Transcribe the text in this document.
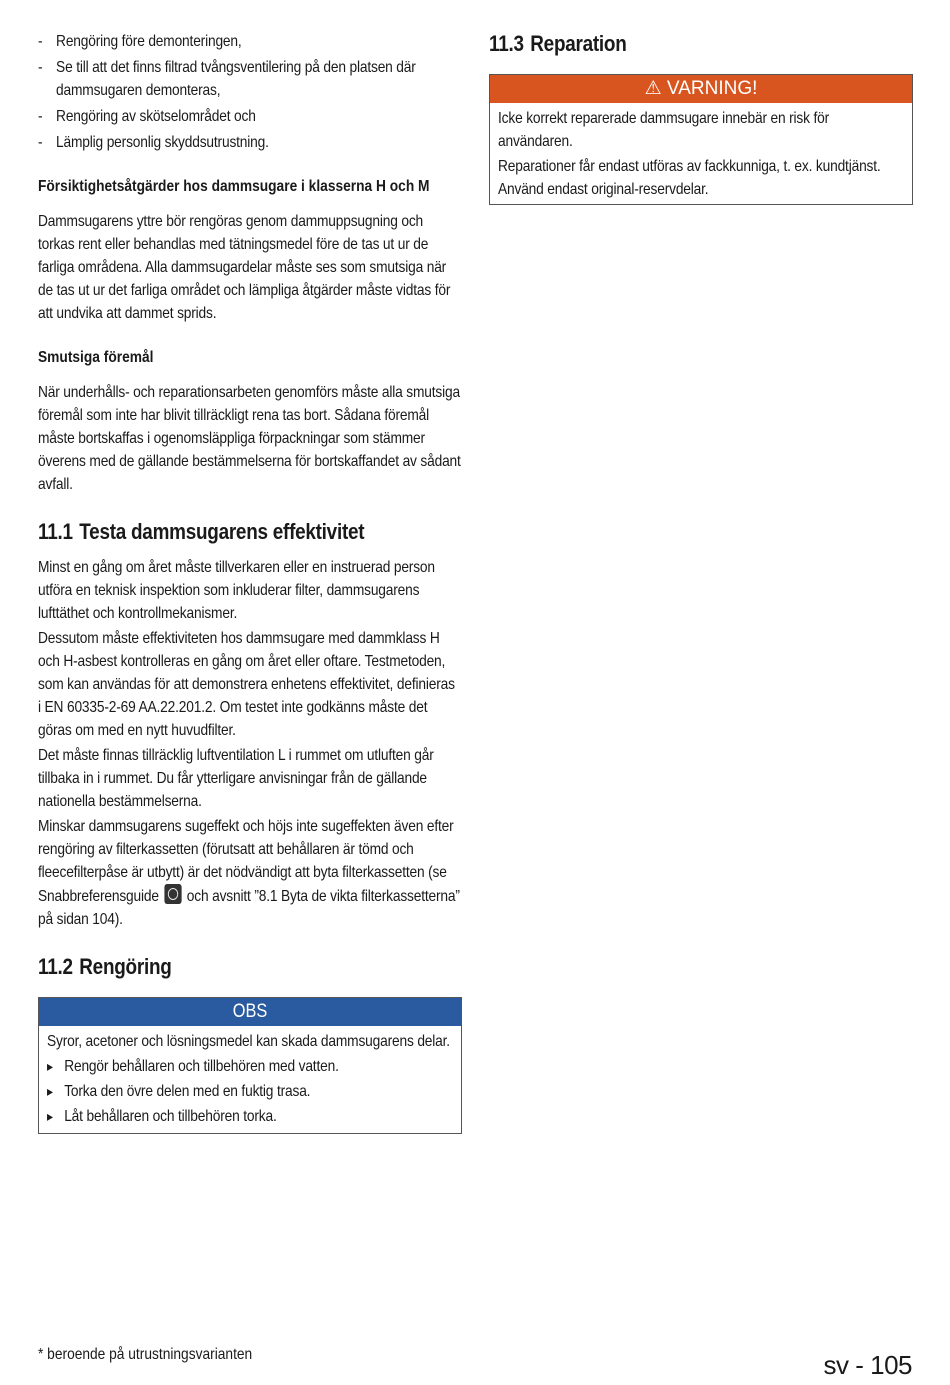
- Rengöring före demonteringen,
- Se till att det finns filtrad tvångsventilering på den platsen där dammsugaren demonteras,
- Rengöring av skötselområdet och
- Lämplig personlig skyddsutrustning.
Försiktighetsåtgärder hos dammsugare i klasserna H och M

Dammsugarens yttre bör rengöras genom dammuppsugning och torkas rent eller behandlas med tätningsmedel före de tas ut ur de farliga områdena. Alla dammsugardelar måste ses som smutsiga när de tas ut ur det farliga området och lämpliga åtgärder måste vidtas för att undvika att dammet sprids.

Smutsiga föremål

När underhålls- och reparationsarbeten genomförs måste alla smutsiga föremål som inte har blivit tillräckligt rena tas bort. Sådana föremål måste bortskaffas i ogenomsläppliga förpackningar som stämmer överens med de gällande bestämmelserna för bortskaffandet av sådant avfall.

11.1 Testa dammsugarens effektivitet

Minst en gång om året måste tillverkaren eller en instruerad person utföra en teknisk inspektion som inkluderar filter, dammsugarens lufttäthet och kontrollmekanismer.

Dessutom måste effektiviteten hos dammsugare med dammklass H och H-asbest kontrolleras en gång om året eller oftare. Testmetoden, som kan användas för att demonstrera enhetens effektivitet, definieras i EN 60335-2-69 AA.22.201.2. Om testet inte godkänns måste det göras om med en nytt huvudfilter.

Det måste finnas tillräcklig luftventilation L i rummet om utluften går tillbaka in i rummet. Du får ytterligare anvisningar från de gällande nationella bestämmelserna.

Minskar dammsugarens sugeffekt och höjs inte sugeffekten även efter rengöring av filterkassetten (förutsatt att behållaren är tömd och fleecefilterpåse är utbytt) är det nödvändigt att byta filterkassetten (se Snabbreferensguide och avsnitt ”8.1 Byta de vikta filterkassetterna” på sidan 104).

11.2 Rengöring
OBS

Syror, acetoner och lösningsmedel kan skada dammsugarens delar.

▸ Rengör behållaren och tillbehören med vatten.
▸ Torka den övre delen med en fuktig trasa.
▸ Låt behållaren och tillbehören torka.
11.3 Reparation
⚠ VARNING!

Icke korrekt reparerade dammsugare innebär en risk för användaren.

Reparationer får endast utföras av fackkunniga, t. ex. kundtjänst. Använd endast original-reservdelar.

* beroende på utrustningsvarianten	sv - 105
